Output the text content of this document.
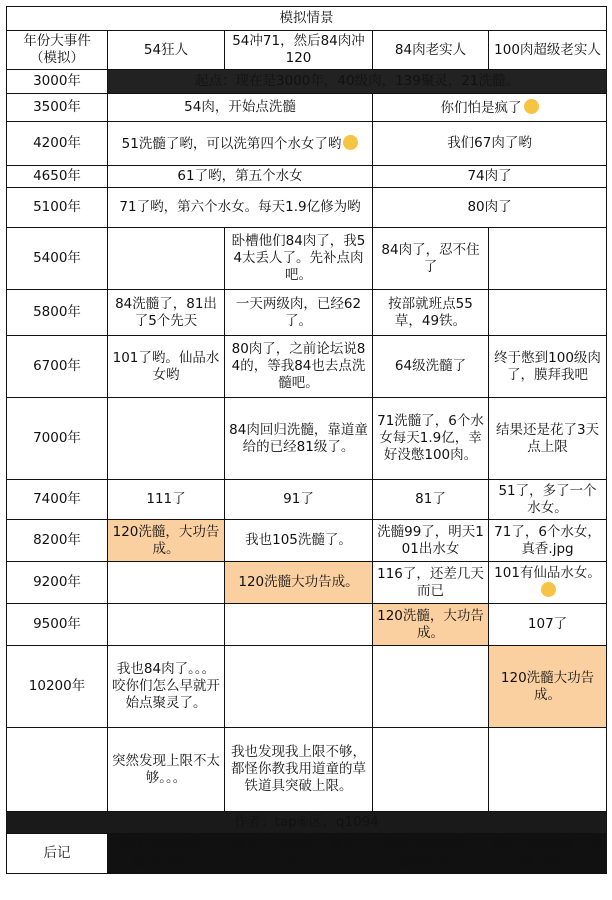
模拟情景				
年份大事件（模拟）	54狂人	54冲71，然后84肉冲120	84肉老实人	100肉超级老实人
3000年	起点：现在是3000年，40级肉，139聚灵，21洗髓。			
3500年	54肉，开始点洗髓		你们怕是疯了	
4200年	51洗髓了哟，可以洗第四个水女了哟		我们67肉了哟	
4650年	61了哟，第五个水女		74肉了	
5100年	71了哟，第六个水女。每天1.9亿修为哟		80肉了	
5400年		卧槽他们84肉了，我54太丢人了。先补点肉吧。	84肉了，忍不住了	
5800年	84洗髓了，81出了5个先天	一天两级肉，已经62了。	按部就班点55草，49铁。	
6700年	101了哟。仙品水女哟	80肉了，之前论坛说84的，等我84也去点洗髓吧。	64级洗髓了	终于憋到100级肉了，膜拜我吧
7000年		84肉回归洗髓，靠道童给的已经81级了。	71洗髓了，6个水女每天1.9亿，幸好没憋100肉。	结果还是花了3天点上限
7400年	111了	91了	81了	51了，多了一个水女。
8200年	120洗髓，大功告成。	我也105洗髓了。	洗髓99了，明天101出水女	71了，6个水女，真香.jpg
9200年		120洗髓大功告成。	116了，还差几天而已	101有仙品水女。
9500年			120洗髓，大功告成。	107了
10200年	我也84肉了。。。咬你们怎么早就开始点聚灵了。			120洗髓大功告成。
	突然发现上限不太够。。。	我也发现我上限不够，都怪你教我用道童的草铁道具突破上限。		
作者：tap⑥区，q1094				
后记	预计15000年，聚灵228。	预计14400年，聚灵228。	预计14400年，聚灵228。	预计14600年，聚灵228。
